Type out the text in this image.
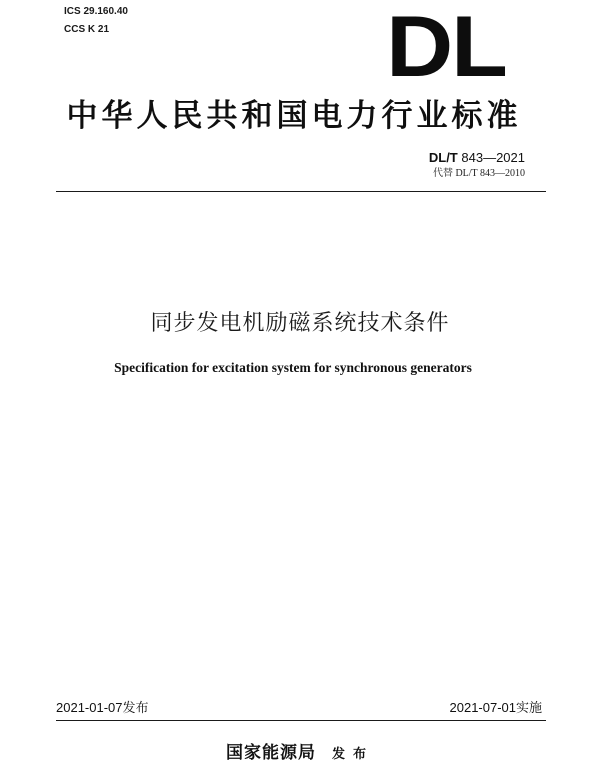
ICS 29.160.40
CCS K 21	DL
中华人民共和国电力行业标准
DL/T 843—2021
代替 DL/T 843—2010
同步发电机励磁系统技术条件
Specification for excitation system for synchronous generators
2021-01-07发布	2021-07-01实施
国家能源局 发布
